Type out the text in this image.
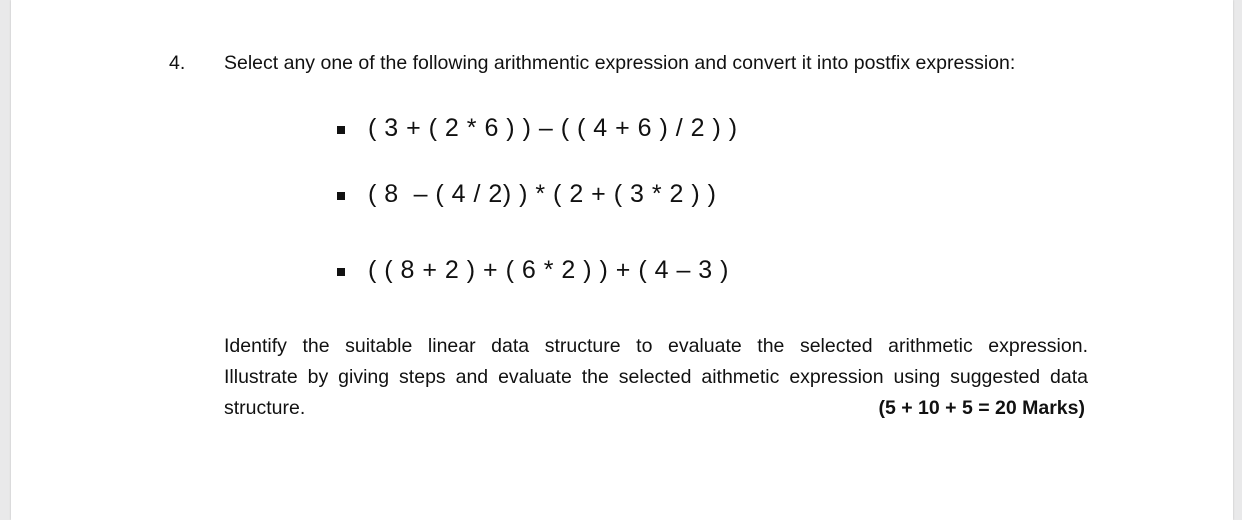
4. Select any one of the following arithmentic expression and convert it into postfix expression:
( 3 + ( 2 * 6 ) ) – ( ( 4 + 6 ) / 2 ) )
( 8  – ( 4 / 2) ) * ( 2 + ( 3 * 2 ) )
( ( 8 + 2 ) + ( 6 * 2 ) ) + ( 4 – 3 )
Identify the suitable linear data structure to evaluate the selected arithmetic expression.
Illustrate by giving steps and evaluate the selected aithmetic expression using suggested data
structure.	(5 + 10 + 5 = 20 Marks)
